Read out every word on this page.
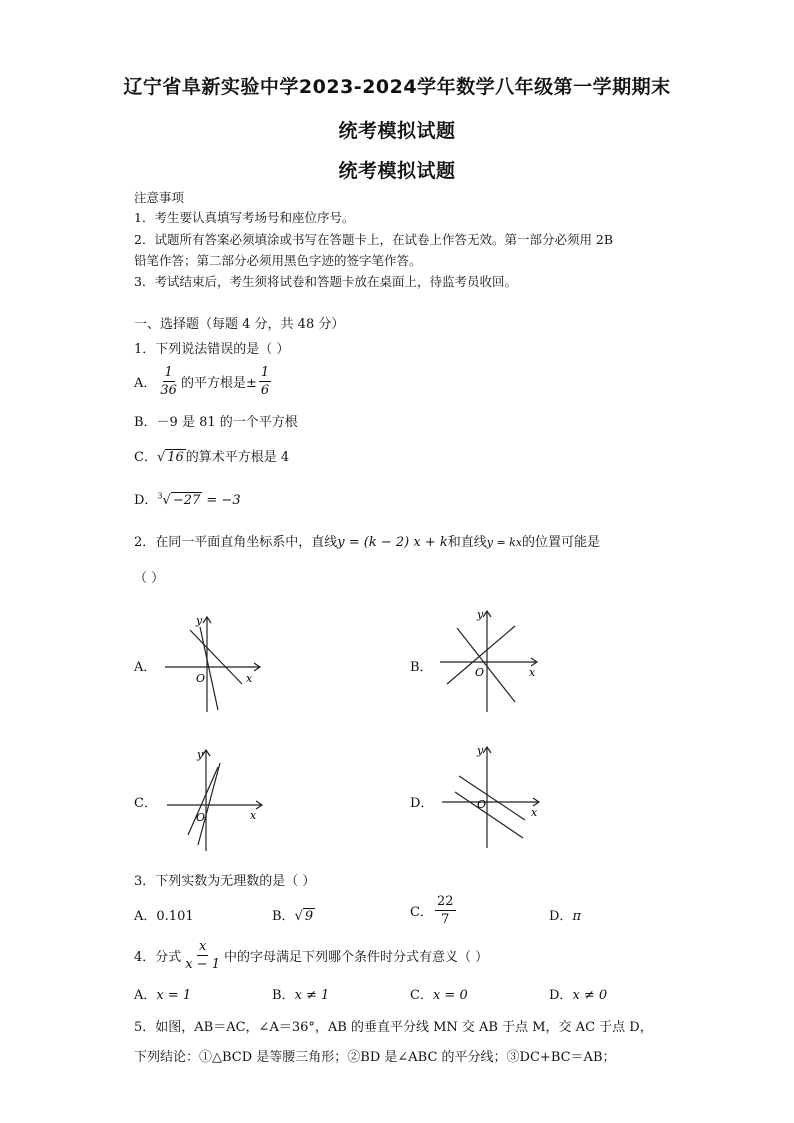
辽宁省阜新实验中学2023-2024学年数学八年级第一学期期末
统考模拟试题
统考模拟试题
注意事项
1．考生要认真填写考场号和座位序号。
2．试题所有答案必须填涂或书写在答题卡上，在试卷上作答无效。第一部分必须用 2B
铅笔作答；第二部分必须用黑色字迹的签字笔作答。
3．考试结束后，考生须将试卷和答题卡放在桌面上，待监考员收回。
一、选择题（每题 4 分，共 48 分）
1．下列说法错误的是（ ）
A． $\frac{1}{36}$ 的平方根是± $\frac{1}{6}$
B．－9 是 81 的一个平方根
C．√ 16 的算术平方根是 4
D．$^3$√ −27 = −3
2．在同一平面直角坐标系中，直线y = (k − 2) x + k和直线y = kx的位置可能是
（ ）
A．	B．
C．	D．
O	x
y
O	x
y
O	x
y
O
x
y
3．下列实数为无理数的是（ ）
A．0.101	B．√ 9	C． $\frac{22}{7}$	D．π
4．分式 $\frac{x}{x - 1}$ 中的字母满足下列哪个条件时分式有意义（ ）
A．x = 1	B．x ≠ 1	C．x = 0	D．x ≠ 0
5．如图，AB＝AC，∠A＝36°，AB 的垂直平分线 MN 交 AB 于点 M，交 AC 于点 D，
下列结论：①△BCD 是等腰三角形；②BD 是∠ABC 的平分线；③DC+BC＝AB；
